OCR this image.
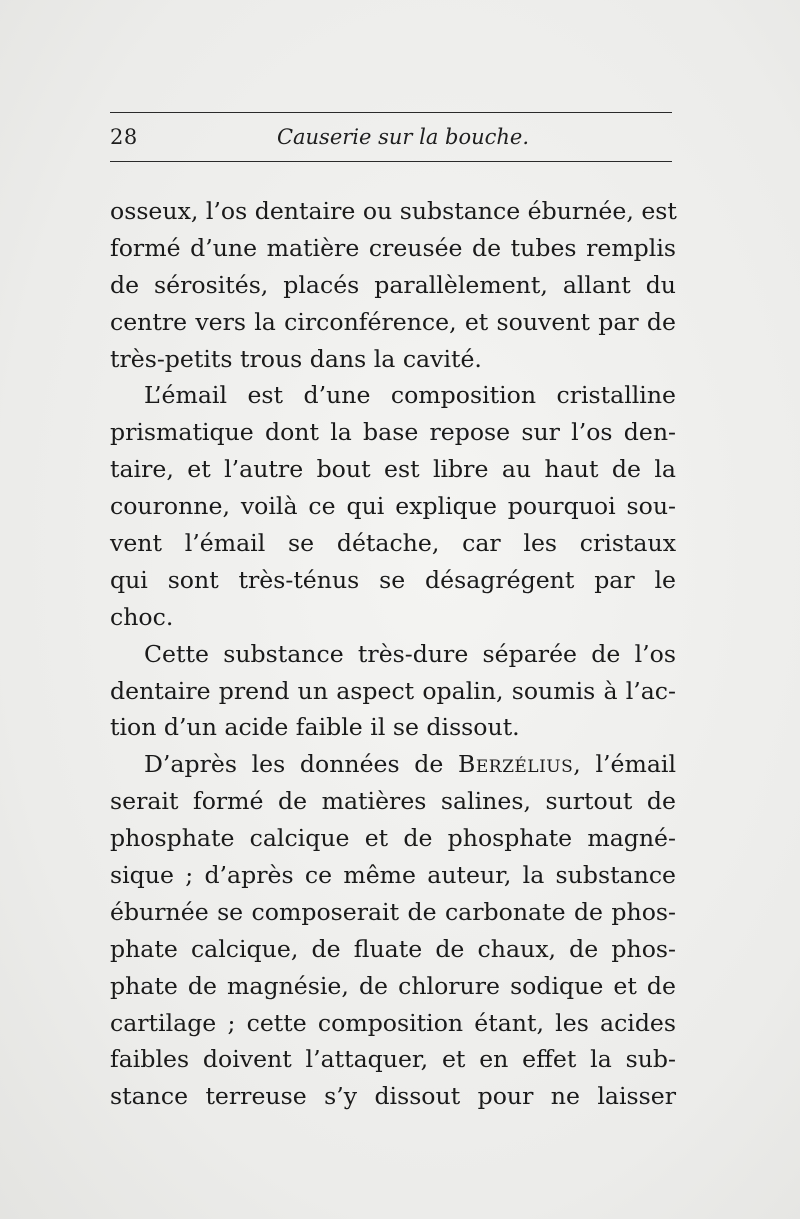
28	Causerie sur la bouche.
osseux, l’os dentaire ou substance éburnée, est
formé d’une matière creusée de tubes remplis
de sérosités, placés parallèlement, allant du
centre vers la circonférence, et souvent par de
très-petits trous dans la cavité.
L’émail est d’une composition cristalline
prismatique dont la base repose sur l’os den-
taire, et l’autre bout est libre au haut de la
couronne, voilà ce qui explique pourquoi sou-
vent l’émail se détache, car les cristaux
qui sont très-ténus se désagrégent par le
choc.
Cette substance très-dure séparée de l’os
dentaire prend un aspect opalin, soumis à l’ac-
tion d’un acide faible il se dissout.
D’après les données de Berzélius, l’émail
serait formé de matières salines, surtout de
phosphate calcique et de phosphate magné-
sique ; d’après ce même auteur, la substance
éburnée se composerait de carbonate de phos-
phate calcique, de fluate de chaux, de phos-
phate de magnésie, de chlorure sodique et de
cartilage ; cette composition étant, les acides
faibles doivent l’attaquer, et en effet la sub-
stance terreuse s’y dissout pour ne laisser
